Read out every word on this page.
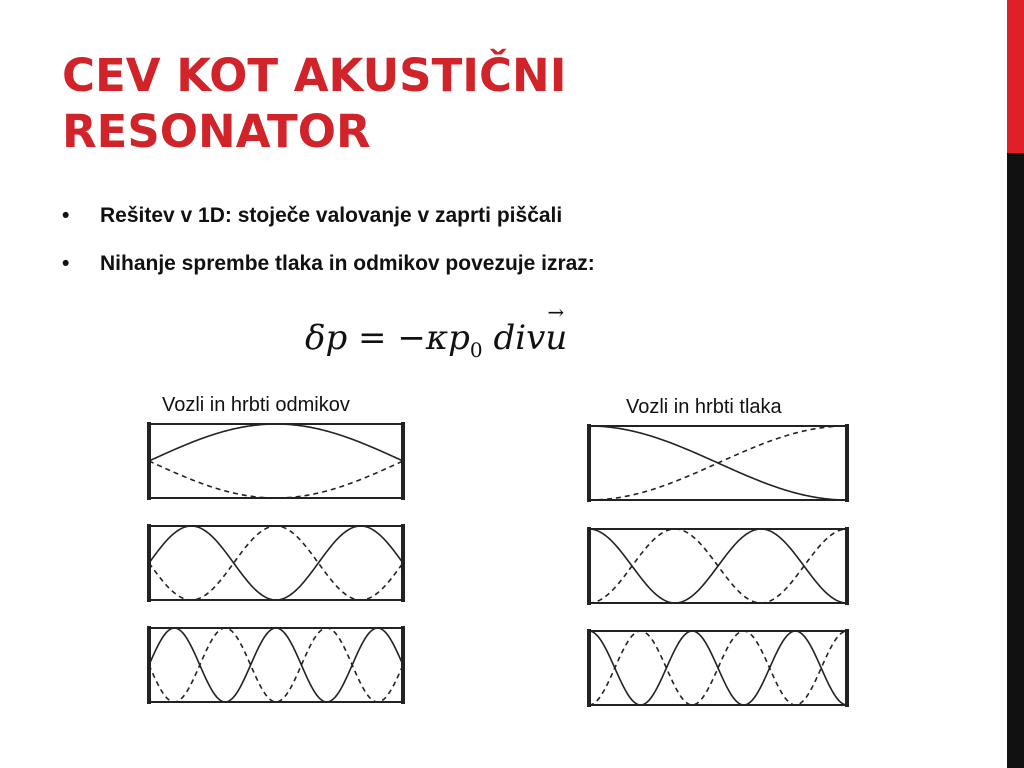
CEV KOT AKUSTIČNI
RESONATOR
• Rešitev v 1D: stoječe valovanje v zaprti piščali
• Nihanje sprembe tlaka in odmikov povezuje izraz:
$\delta p = -\kappa p_0$ divu
→
Vozli in hrbti odmikov	Vozli in hrbti tlaka
